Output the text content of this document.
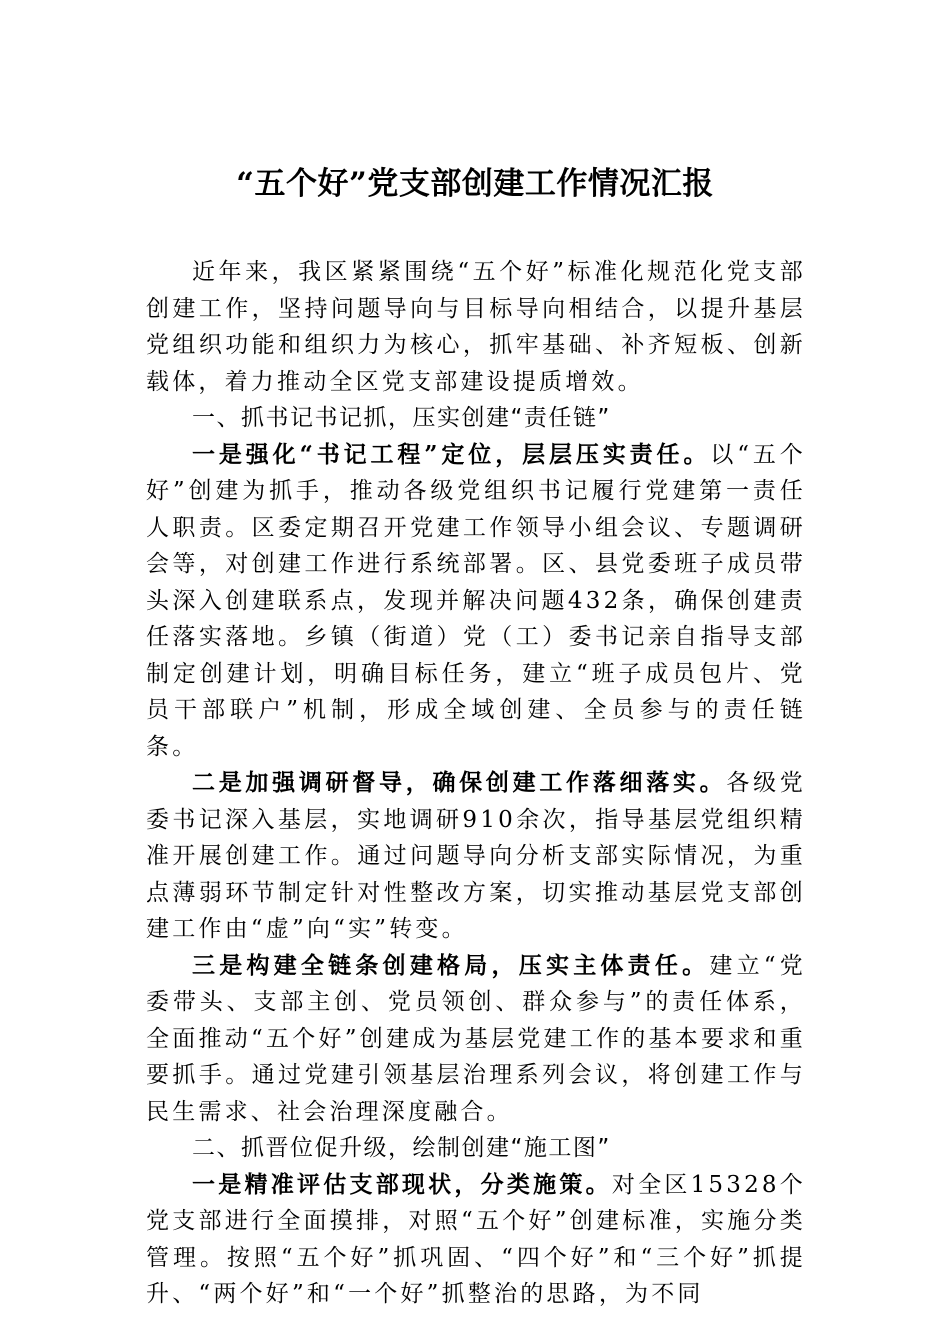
“五个好”党支部创建工作情况汇报

近年来，我区紧紧围绕“五个好”标准化规范化党支部创建工作，坚持问题导向与目标导向相结合，以提升基层党组织功能和组织力为核心，抓牢基础、补齐短板、创新载体，着力推动全区党支部建设提质增效。

一、抓书记书记抓，压实创建“责任链”

一是强化“书记工程”定位，层层压实责任。以“五个好”创建为抓手，推动各级党组织书记履行党建第一责任人职责。区委定期召开党建工作领导小组会议、专题调研会等，对创建工作进行系统部署。区、县党委班子成员带头深入创建联系点，发现并解决问题432条，确保创建责任落实落地。乡镇（街道）党（工）委书记亲自指导支部制定创建计划，明确目标任务，建立“班子成员包片、党员干部联户”机制，形成全域创建、全员参与的责任链条。

二是加强调研督导，确保创建工作落细落实。各级党委书记深入基层，实地调研910余次，指导基层党组织精准开展创建工作。通过问题导向分析支部实际情况，为重点薄弱环节制定针对性整改方案，切实推动基层党支部创建工作由“虚”向“实”转变。

三是构建全链条创建格局，压实主体责任。建立“党委带头、支部主创、党员领创、群众参与”的责任体系，全面推动“五个好”创建成为基层党建工作的基本要求和重要抓手。通过党建引领基层治理系列会议，将创建工作与民生需求、社会治理深度融合。

二、抓晋位促升级，绘制创建“施工图”

一是精准评估支部现状，分类施策。对全区15328个党支部进行全面摸排，对照“五个好”创建标准，实施分类管理。按照“五个好”抓巩固、“四个好”和“三个好”抓提升、“两个好”和“一个好”抓整治的思路，为不同
